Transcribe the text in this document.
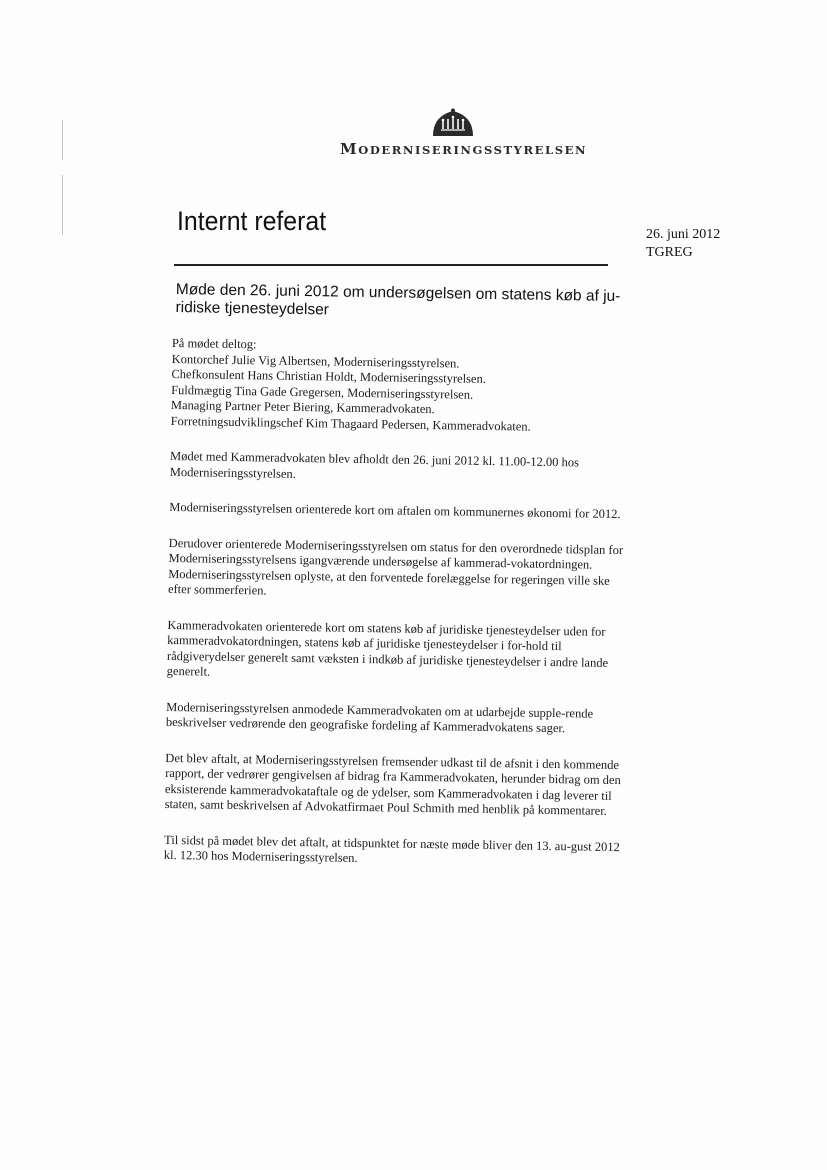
MODERNISERINGSSTYRELSEN
Internt referat	26. juni 2012
TGREG
Møde den 26. juni 2012 om undersøgelsen om statens køb af ju-ridiske tjenesteydelser
På mødet deltog:
Kontorchef Julie Vig Albertsen, Moderniseringsstyrelsen.
Chefkonsulent Hans Christian Holdt, Moderniseringsstyrelsen.
Fuldmægtig Tina Gade Gregersen, Moderniseringsstyrelsen.
Managing Partner Peter Biering, Kammeradvokaten.
Forretningsudviklingschef Kim Thagaard Pedersen, Kammeradvokaten.

Mødet med Kammeradvokaten blev afholdt den 26. juni 2012 kl. 11.00-12.00 hos Moderniseringsstyrelsen.

Moderniseringsstyrelsen orienterede kort om aftalen om kommunernes økonomi for 2012.

Derudover orienterede Moderniseringsstyrelsen om status for den overordnede tidsplan for Moderniseringsstyrelsens igangværende undersøgelse af kammerad-vokatordningen. Moderniseringsstyrelsen oplyste, at den forventede forelæggelse for regeringen ville ske efter sommerferien.

Kammeradvokaten orienterede kort om statens køb af juridiske tjenesteydelser uden for kammeradvokatordningen, statens køb af juridiske tjenesteydelser i for-hold til rådgiverydelser generelt samt væksten i indkøb af juridiske tjenesteydelser i andre lande generelt.

Moderniseringsstyrelsen anmodede Kammeradvokaten om at udarbejde supple-rende beskrivelser vedrørende den geografiske fordeling af Kammeradvokatens sager.

Det blev aftalt, at Moderniseringsstyrelsen fremsender udkast til de afsnit i den kommende rapport, der vedrører gengivelsen af bidrag fra Kammeradvokaten, herunder bidrag om den eksisterende kammeradvokataftale og de ydelser, som Kammeradvokaten i dag leverer til staten, samt beskrivelsen af Advokatfirmaet Poul Schmith med henblik på kommentarer.

Til sidst på mødet blev det aftalt, at tidspunktet for næste møde bliver den 13. au-gust 2012 kl. 12.30 hos Moderniseringsstyrelsen.
